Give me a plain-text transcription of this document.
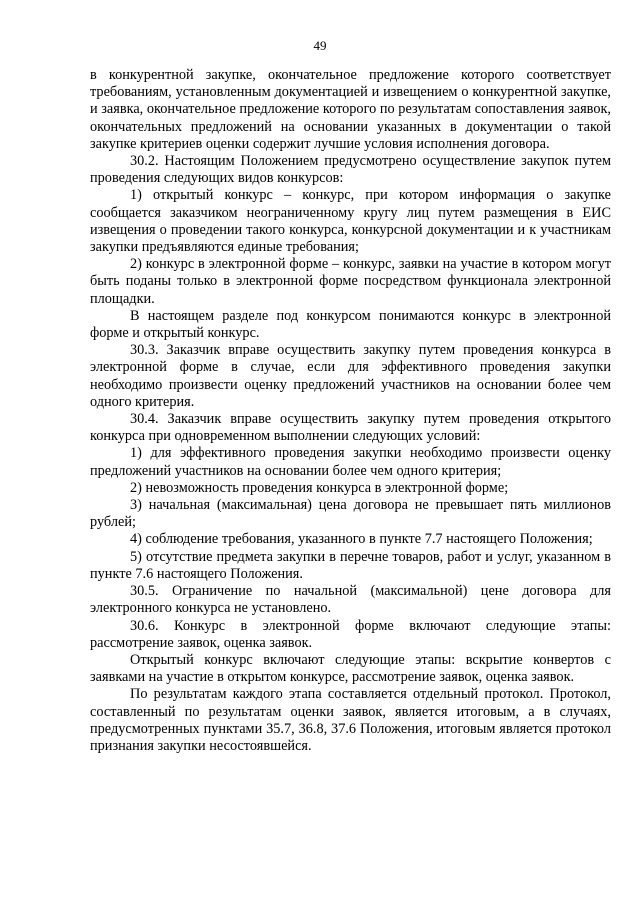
49

в конкурентной закупке, окончательное предложение которого соответствует требованиям, установленным документацией и извещением о конкурентной закупке, и заявка, окончательное предложение которого по результатам сопоставления заявок, окончательных предложений на основании указанных в документации о такой закупке критериев оценки содержит лучшие условия исполнения договора.

30.2. Настоящим Положением предусмотрено осуществление закупок путем проведения следующих видов конкурсов:

1) открытый конкурс – конкурс, при котором информация о закупке сообщается заказчиком неограниченному кругу лиц путем размещения в ЕИС извещения о проведении такого конкурса, конкурсной документации и к участникам закупки предъявляются единые требования;

2) конкурс в электронной форме – конкурс, заявки на участие в котором могут быть поданы только в электронной форме посредством функционала электронной площадки.

В настоящем разделе под конкурсом понимаются конкурс в электронной форме и открытый конкурс.

30.3. Заказчик вправе осуществить закупку путем проведения конкурса в электронной форме в случае, если для эффективного проведения закупки необходимо произвести оценку предложений участников на основании более чем одного критерия.

30.4. Заказчик вправе осуществить закупку путем проведения открытого конкурса при одновременном выполнении следующих условий:

1) для эффективного проведения закупки необходимо произвести оценку предложений участников на основании более чем одного критерия;

2) невозможность проведения конкурса в электронной форме;

3) начальная (максимальная) цена договора не превышает пять миллионов рублей;

4) соблюдение требования, указанного в пункте 7.7 настоящего Положения;

5) отсутствие предмета закупки в перечне товаров, работ и услуг, указанном в пункте 7.6 настоящего Положения.

30.5. Ограничение по начальной (максимальной) цене договора для электронного конкурса не установлено.

30.6. Конкурс в электронной форме включают следующие этапы: рассмотрение заявок, оценка заявок.

Открытый конкурс включают следующие этапы: вскрытие конвертов с заявками на участие в открытом конкурсе, рассмотрение заявок, оценка заявок.

По результатам каждого этапа составляется отдельный протокол. Протокол, составленный по результатам оценки заявок, является итоговым, а в случаях, предусмотренных пунктами 35.7, 36.8, 37.6 Положения, итоговым является протокол признания закупки несостоявшейся.
